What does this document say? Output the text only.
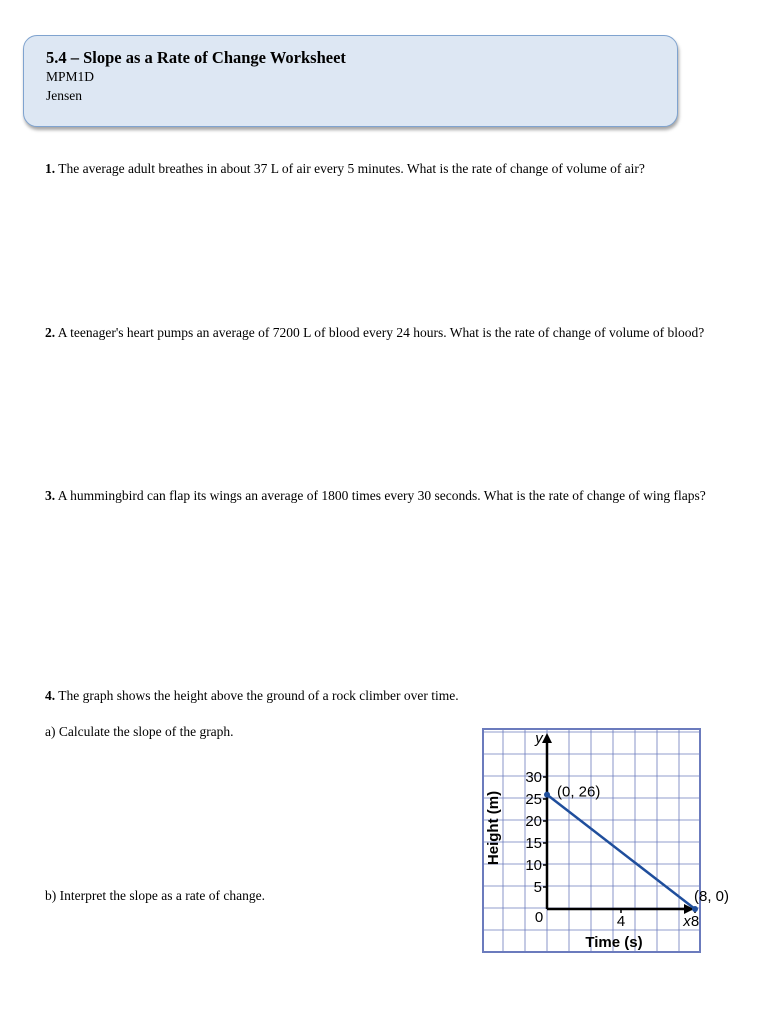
5.4 – Slope as a Rate of Change Worksheet
MPM1D
Jensen
1. The average adult breathes in about 37 L of air every 5 minutes. What is the rate of change of volume of air?
2. A teenager's heart pumps an average of 7200 L of blood every 24 hours. What is the rate of change of volume of blood?
3. A hummingbird can flap its wings an average of 1800 times every 30 seconds. What is the rate of change of wing flaps?
4. The graph shows the height above the ground of a rock climber over time.
a) Calculate the slope of the graph.
b) Interpret the slope as a rate of change.	5
10
15
20
25
30
4	8
0	x
y
Time (s)
Height (m)	(0, 26)
(8, 0)
